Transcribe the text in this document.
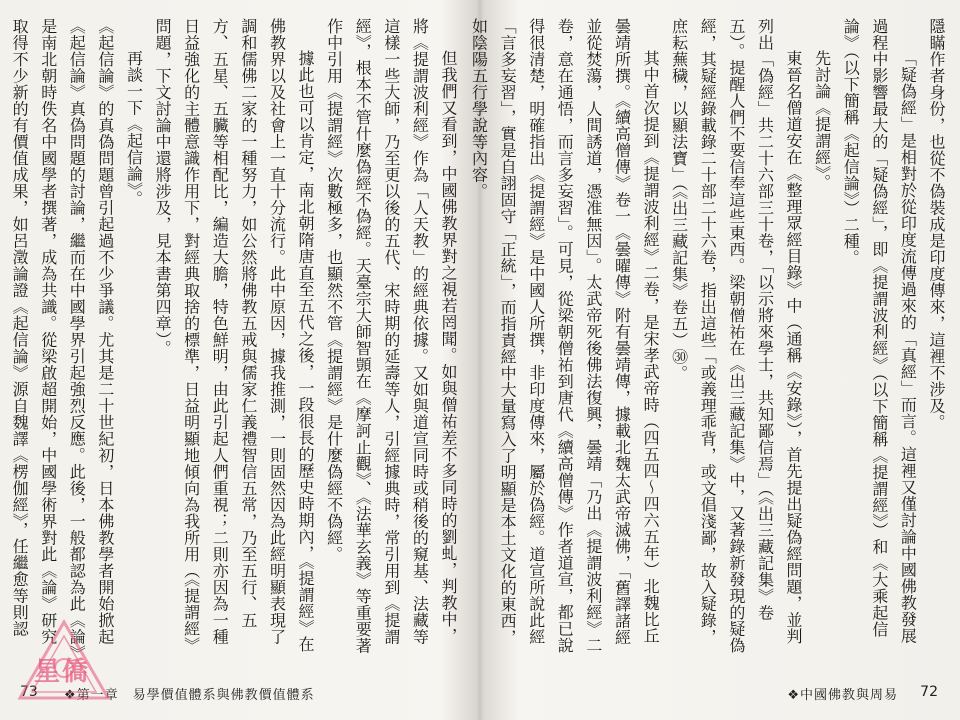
但我們又看到，中國佛教界對之視若罔聞。如與僧祐差不多同時的劉虬，判教中，將《提謂波利經》作為「人天教」的經典依據。又如與道宣同時或稍後的窺基、法藏等這樣一些大師，乃至更以後的五代、宋時期的延壽等人，引經據典時，常引用到《提謂經》，根本不管什麼偽經不偽經。天臺宗大師智顗在《摩訶止觀》、《法華玄義》等重要著作中引用《提謂經》次數極多，也顯然不管《提謂經》是什麼偽經不偽經。

據此也可以肯定，南北朝隋唐直至五代之後，一段很長的歷史時期內，《提謂經》在佛教界以及社會上一直十分流行。此中原因，據我推測，一則固然因為此經明顯表現了調和儒佛二家的一種努力，如公然將佛教五戒與儒家仁義禮智信五常，乃至五行、五方、五星、五臟等相配比，編造大膽，特色鮮明，由此引起人們重視；二則亦因為一種日益強化的主體意識作用下，對經典取捨的標準，日益明顯地傾向為我所用（《提謂經》問題，下文討論中還將涉及，見本書第四章）。

再談一下《起信論》。

《起信論》的真偽問題曾引起過不少爭議。尤其是二十世紀初，日本佛教學者開始掀起《起信論》真偽問題的討論，繼而在中國學界引起強烈反應。此後，一般都認為此《論》是南北朝時佚名中國學者撰著，成為共識。從梁啟超開始，中國學術界對此《論》研究取得不少新的有價值成果，如呂澂論證《起信論》源自魏譯《楞伽經》，任繼愈等則認

73 ❖第一章　易學價值體系與佛教價值體系

隱瞞作者身份，也從不偽裝成是印度傳來，這裡不涉及。

「疑偽經」是相對於從印度流傳過來的「真經」而言。這裡又僅討論中國佛教發展過程中影響最大的「疑偽經」，即《提謂波利經》（以下簡稱《提謂經》）和《大乘起信論》（以下簡稱《起信論》）二種。

先討論《提謂經》。

東晉名僧道安在《整理眾經目錄》中（通稱《安錄》），首先提出疑偽經問題，並判列出「偽經」共二十六部三十卷，「以示將來學士，共知鄙信焉」（《出三藏記集》卷五）。提醒人們不要信奉這些東西。梁朝僧祐在《出三藏記集》中，又著錄新發現的疑偽經，其疑經錄載錄二十部二十六卷，指出這些「或義理乖背，或文倡淺鄙，故入疑錄，庶耘蕪穢，以顯法寶」（《出三藏記集》卷五）㉚。

其中首次提到《提謂波利經》二卷，是宋孝武帝時（四五四～四六五年）北魏比丘曇靖所撰。《續高僧傳》卷一《曇曜傳》附有曇靖傳，據載北魏太武帝滅佛，「舊譯諸經並從焚蕩，人間誘道，憑准無因」。太武帝死後佛法復興，曇靖「乃出《提謂波利經》二卷，意在通悟，而言多妄習」。可見，從梁朝僧祐到唐代《續高僧傳》作者道宣，都已說得很清楚，明確指出《提謂經》是中國人所撰，非印度傳來，屬於偽經。道宣所說此經「言多妄習」，實是自詡固守「正統」，而指責經中大量寫入了明顯是本土文化的東西，如陰陽五行學說等內容。

❖中國佛教與周易 72
星僑
